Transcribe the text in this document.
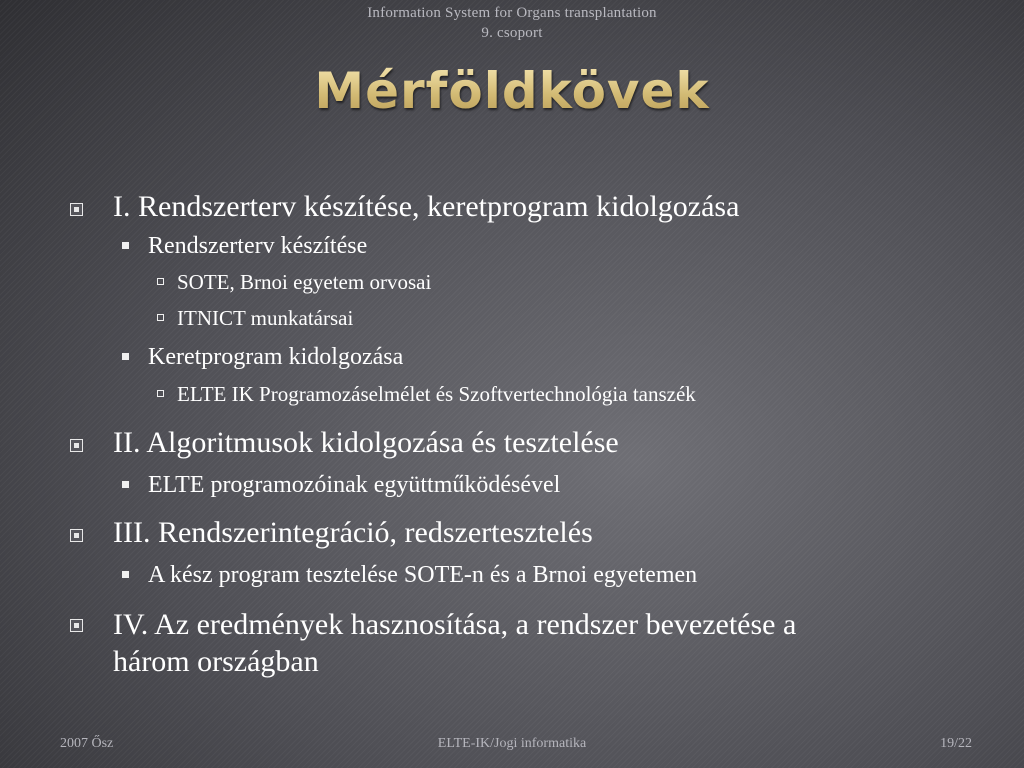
Information System for Organs transplantation
9. csoport
Mérföldkövek
I. Rendszerterv készítése, keretprogram kidolgozása
Rendszerterv készítése
SOTE, Brnoi egyetem orvosai
ITNICT munkatársai
Keretprogram kidolgozása
ELTE IK Programozáselmélet és Szoftvertechnológia tanszék
II. Algoritmusok kidolgozása és tesztelése
ELTE programozóinak együttműködésével
III. Rendszerintegráció, redszertesztelés
A kész program tesztelése SOTE-n és a Brnoi egyetemen
IV. Az eredmények hasznosítása, a rendszer bevezetése a három országban
2007 Ősz	ELTE-IK/Jogi informatika	19/22
